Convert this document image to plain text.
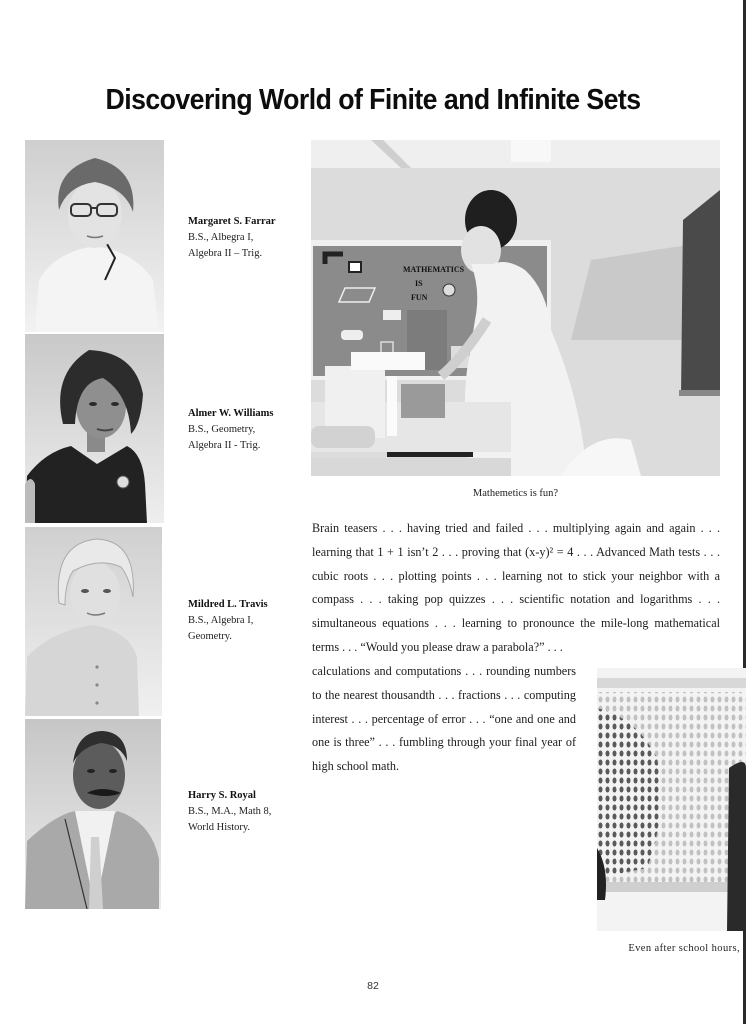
Discovering World of Finite and Infinite Sets
Margaret S. Farrar
B.S., Albegra I,
Algebra II – Trig.
Almer W. Williams
B.S., Geometry,
Algebra II - Trig.
Mildred L. Travis
B.S., Algebra I,
Geometry.
Harry S. Royal
B.S., M.A., Math 8,
World History.
MATHEMATICS
IS
FUN
Mathemetics is fun?

Brain teasers . . . having tried and failed . . . multiplying again and again . . . learning that 1 + 1 isn’t 2 . . . proving that (x-y)² = 4 . . . Advanced Math tests . . . cubic roots . . . plotting points . . . learning not to stick your neighbor with a compass . . . taking pop quizzes . . . scientific notation and logarithms . . . simultaneous equations . . . learning to pronounce the mile-long mathematical terms . . . “Would you please draw a parabola?” . . .

calculations and computations . . . rounding numbers to the nearest thousandth . . . fractions . . . computing interest . . . percentage of error . . . “one and one and one is three” . . . fumbling through your final year of high school math.

Even after school hours,
82
